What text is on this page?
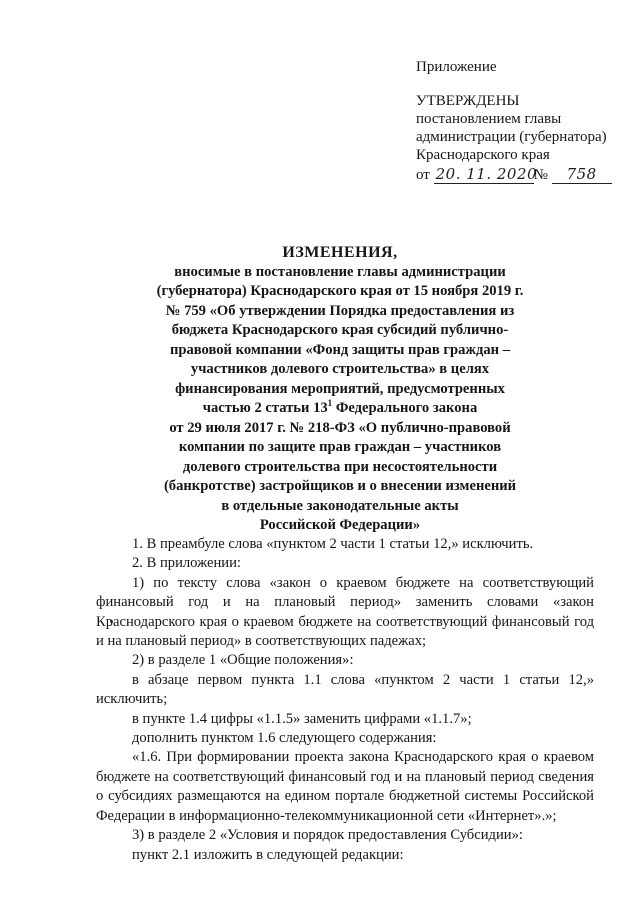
Приложение
УТВЕРЖДЕНЫ
постановлением главы
администрации (губернатора)
Краснодарского края
от 20. 11. 2020№ 758
ИЗМЕНЕНИЯ,
вносимые в постановление главы администрации
(губернатора) Краснодарского края от 15 ноября 2019 г.
№ 759 «Об утверждении Порядка предоставления из
бюджета Краснодарского края субсидий публично-
правовой компании «Фонд защиты прав граждан –
участников долевого строительства» в целях
финансирования мероприятий, предусмотренных
частью 2 статьи $13^1$ Федерального закона
от 29 июля 2017 г. № 218-ФЗ «О публично-правовой
компании по защите прав граждан – участников
долевого строительства при несостоятельности
(банкротстве) застройщиков и о внесении изменений
в отдельные законодательные акты
Российской Федерации»

1. В преамбуле слова «пунктом 2 части 1 статьи 12,» исключить.

2. В приложении:

1) по тексту слова «закон о краевом бюджете на соответствующий финансовый год и на плановый период» заменить словами «закон Краснодарского края о краевом бюджете на соответствующий финансовый год и на плановый период» в соответствующих падежах;

2) в разделе 1 «Общие положения»:

в абзаце первом пункта 1.1 слова «пунктом 2 части 1 статьи 12,» исключить;

в пункте 1.4 цифры «1.1.5» заменить цифрами «1.1.7»;

дополнить пунктом 1.6 следующего содержания:

«1.6. При формировании проекта закона Краснодарского края о краевом бюджете на соответствующий финансовый год и на плановый период сведения о субсидиях размещаются на едином портале бюджетной системы Российской Федерации в информационно-телекоммуникационной сети «Интернет».»;

3) в разделе 2 «Условия и порядок предоставления Субсидии»:

пункт 2.1 изложить в следующей редакции:
